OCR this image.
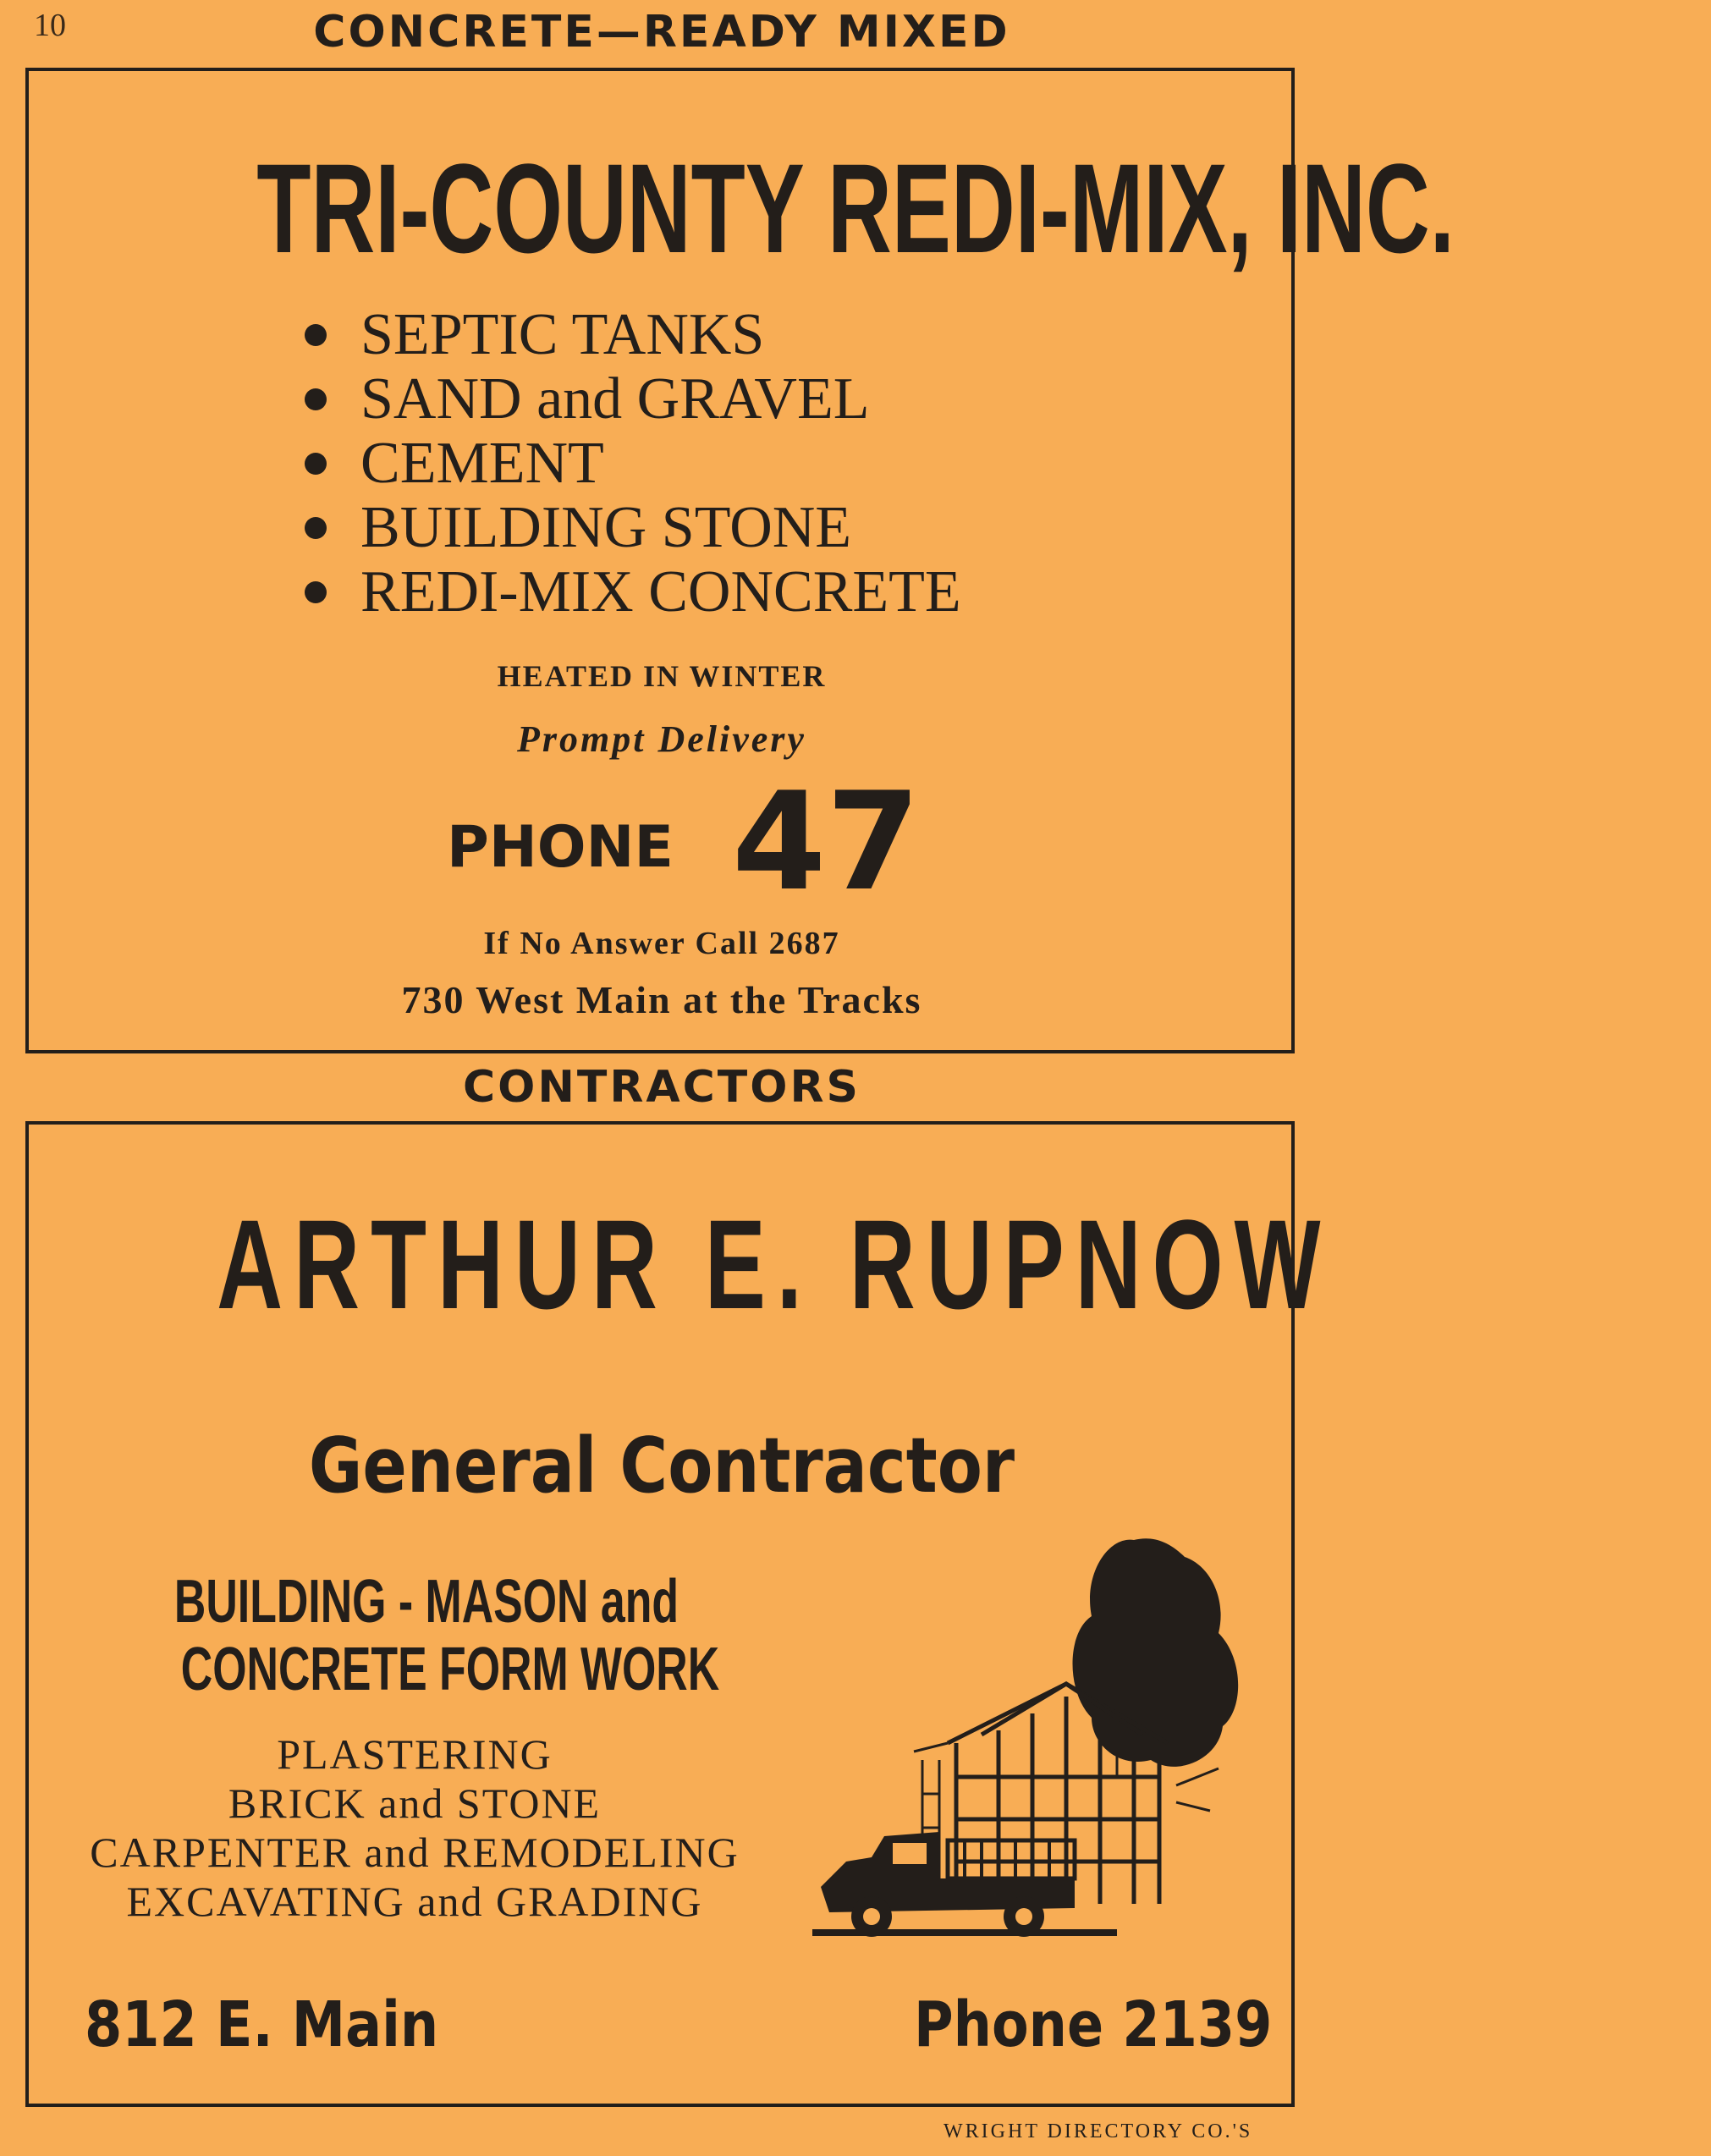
10	CONCRETE—READY MIXED
TRI-COUNTY REDI-MIX, INC.
SEPTIC TANKS
SAND and GRAVEL
CEMENT
BUILDING STONE
REDI-MIX CONCRETE
HEATED IN WINTER
Prompt Delivery
PHONE 47
If No Answer Call 2687
730 West Main at the Tracks
CONTRACTORS
ARTHUR E. RUPNOW
General Contractor
BUILDING - MASON and
CONCRETE FORM WORK
PLASTERING
BRICK and STONE
CARPENTER and REMODELING
EXCAVATING and GRADING
812 E. Main	Phone 2139
WRIGHT DIRECTORY CO.'S
